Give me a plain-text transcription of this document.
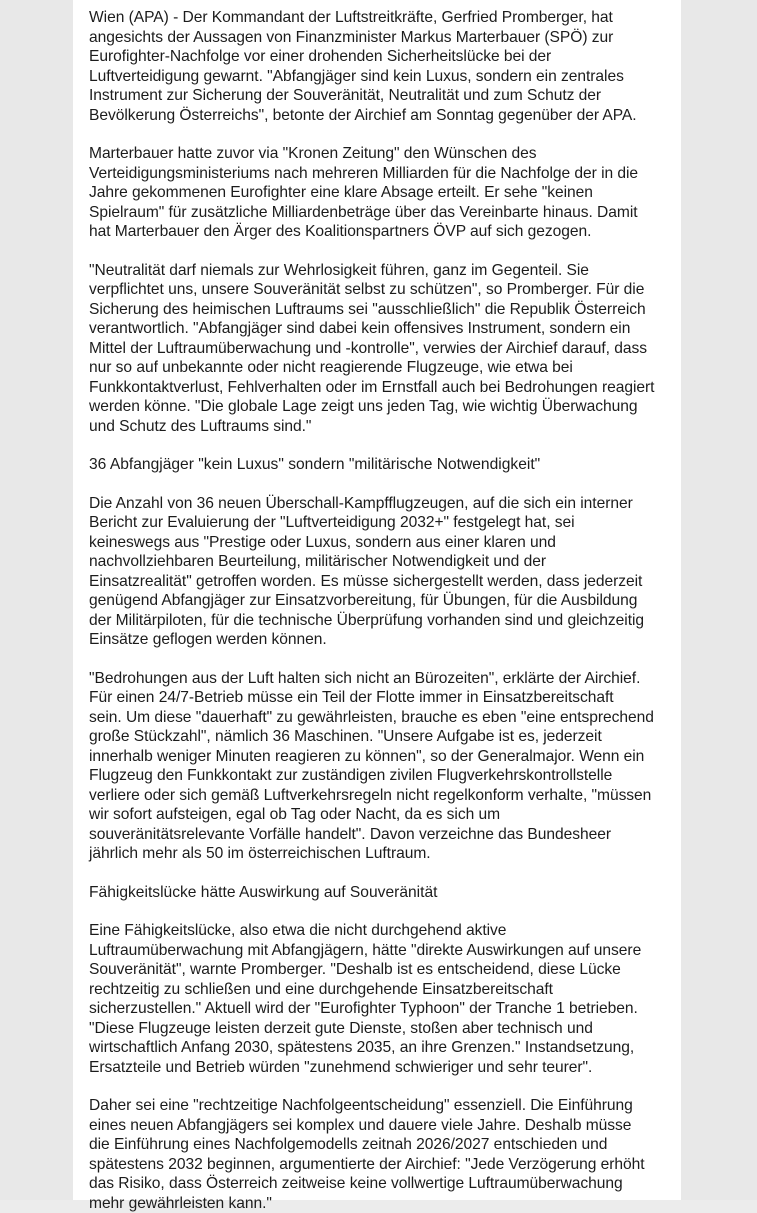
Wien (APA) - Der Kommandant der Luftstreitkräfte, Gerfried Promberger, hat
angesichts der Aussagen von Finanzminister Markus Marterbauer (SPÖ) zur
Eurofighter-Nachfolge vor einer drohenden Sicherheitslücke bei der
Luftverteidigung gewarnt. "Abfangjäger sind kein Luxus, sondern ein zentrales
Instrument zur Sicherung der Souveränität, Neutralität und zum Schutz der
Bevölkerung Österreichs", betonte der Airchief am Sonntag gegenüber der APA.

Marterbauer hatte zuvor via "Kronen Zeitung" den Wünschen des
Verteidigungsministeriums nach mehreren Milliarden für die Nachfolge der in die
Jahre gekommenen Eurofighter eine klare Absage erteilt. Er sehe "keinen
Spielraum" für zusätzliche Milliardenbeträge über das Vereinbarte hinaus. Damit
hat Marterbauer den Ärger des Koalitionspartners ÖVP auf sich gezogen.

"Neutralität darf niemals zur Wehrlosigkeit führen, ganz im Gegenteil. Sie
verpflichtet uns, unsere Souveränität selbst zu schützen", so Promberger. Für die
Sicherung des heimischen Luftraums sei "ausschließlich" die Republik Österreich
verantwortlich. "Abfangjäger sind dabei kein offensives Instrument, sondern ein
Mittel der Luftraumüberwachung und -kontrolle", verwies der Airchief darauf, dass
nur so auf unbekannte oder nicht reagierende Flugzeuge, wie etwa bei
Funkkontaktverlust, Fehlverhalten oder im Ernstfall auch bei Bedrohungen reagiert
werden könne. "Die globale Lage zeigt uns jeden Tag, wie wichtig Überwachung
und Schutz des Luftraums sind."

36 Abfangjäger "kein Luxus" sondern "militärische Notwendigkeit"

Die Anzahl von 36 neuen Überschall-Kampfflugzeugen, auf die sich ein interner
Bericht zur Evaluierung der "Luftverteidigung 2032+" festgelegt hat, sei
keineswegs aus "Prestige oder Luxus, sondern aus einer klaren und
nachvollziehbaren Beurteilung, militärischer Notwendigkeit und der
Einsatzrealität" getroffen worden. Es müsse sichergestellt werden, dass jederzeit
genügend Abfangjäger zur Einsatzvorbereitung, für Übungen, für die Ausbildung
der Militärpiloten, für die technische Überprüfung vorhanden sind und gleichzeitig
Einsätze geflogen werden können.

"Bedrohungen aus der Luft halten sich nicht an Bürozeiten", erklärte der Airchief.
Für einen 24/7-Betrieb müsse ein Teil der Flotte immer in Einsatzbereitschaft
sein. Um diese "dauerhaft" zu gewährleisten, brauche es eben "eine entsprechend
große Stückzahl", nämlich 36 Maschinen. "Unsere Aufgabe ist es, jederzeit
innerhalb weniger Minuten reagieren zu können", so der Generalmajor. Wenn ein
Flugzeug den Funkkontakt zur zuständigen zivilen Flugverkehrskontrollstelle
verliere oder sich gemäß Luftverkehrsregeln nicht regelkonform verhalte, "müssen
wir sofort aufsteigen, egal ob Tag oder Nacht, da es sich um
souveränitätsrelevante Vorfälle handelt". Davon verzeichne das Bundesheer
jährlich mehr als 50 im österreichischen Luftraum.

Fähigkeitslücke hätte Auswirkung auf Souveränität

Eine Fähigkeitslücke, also etwa die nicht durchgehend aktive
Luftraumüberwachung mit Abfangjägern, hätte "direkte Auswirkungen auf unsere
Souveränität", warnte Promberger. "Deshalb ist es entscheidend, diese Lücke
rechtzeitig zu schließen und eine durchgehende Einsatzbereitschaft
sicherzustellen." Aktuell wird der "Eurofighter Typhoon" der Tranche 1 betrieben.
"Diese Flugzeuge leisten derzeit gute Dienste, stoßen aber technisch und
wirtschaftlich Anfang 2030, spätestens 2035, an ihre Grenzen." Instandsetzung,
Ersatzteile und Betrieb würden "zunehmend schwieriger und sehr teurer".

Daher sei eine "rechtzeitige Nachfolgeentscheidung" essenziell. Die Einführung
eines neuen Abfangjägers sei komplex und dauere viele Jahre. Deshalb müsse
die Einführung eines Nachfolgemodells zeitnah 2026/2027 entschieden und
spätestens 2032 beginnen, argumentierte der Airchief: "Jede Verzögerung erhöht
das Risiko, dass Österreich zeitweise keine vollwertige Luftraumüberwachung
mehr gewährleisten kann."
